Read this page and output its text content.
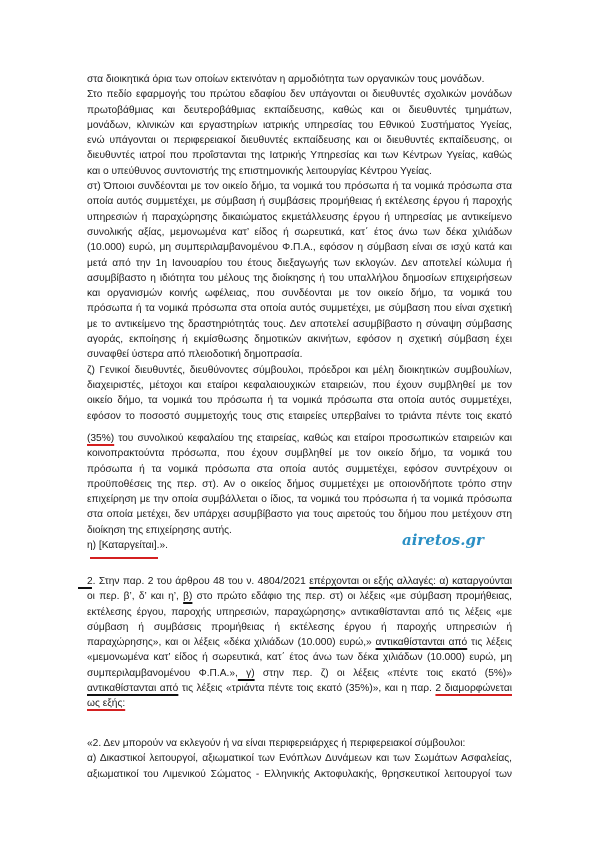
στα διοικητικά όρια των οποίων εκτεινόταν η αρμοδιότητα των οργανικών τους μονάδων.
Στο πεδίο εφαρμογής του πρώτου εδαφίου δεν υπάγονται οι διευθυντές σχολικών μονάδων
πρωτοβάθμιας και δευτεροβάθμιας εκπαίδευσης, καθώς και οι διευθυντές τμημάτων,
μονάδων, κλινικών και εργαστηρίων ιατρικής υπηρεσίας του Εθνικού Συστήματος Υγείας,
ενώ υπάγονται οι περιφερειακοί διευθυντές εκπαίδευσης και οι διευθυντές εκπαίδευσης, οι
διευθυντές ιατροί που προΐστανται της Ιατρικής Υπηρεσίας και των Κέντρων Υγείας, καθώς
και ο υπεύθυνος συντονιστής της επιστημονικής λειτουργίας Κέντρου Υγείας.
στ) Όποιοι συνδέονται με τον οικείο δήμο, τα νομικά του πρόσωπα ή τα νομικά πρόσωπα στα
οποία αυτός συμμετέχει, με σύμβαση ή συμβάσεις προμήθειας ή εκτέλεσης έργου ή παροχής
υπηρεσιών ή παραχώρησης δικαιώματος εκμετάλλευσης έργου ή υπηρεσίας με αντικείμενο
συνολικής αξίας, μεμονωμένα κατ’ είδος ή σωρευτικά, κατ΄ έτος άνω των δέκα χιλιάδων
(10.000) ευρώ, μη συμπεριλαμβανομένου Φ.Π.Α., εφόσον η σύμβαση είναι σε ισχύ κατά και
μετά από την 1η Ιανουαρίου του έτους διεξαγωγής των εκλογών. Δεν αποτελεί κώλυμα ή
ασυμβίβαστο η ιδιότητα του μέλους της διοίκησης ή του υπαλλήλου δημοσίων επιχειρήσεων
και οργανισμών κοινής ωφέλειας, που συνδέονται με τον οικείο δήμο, τα νομικά του
πρόσωπα ή τα νομικά πρόσωπα στα οποία αυτός συμμετέχει, με σύμβαση που είναι σχετική
με το αντικείμενο της δραστηριότητάς τους. Δεν αποτελεί ασυμβίβαστο η σύναψη σύμβασης
αγοράς, εκποίησης ή εκμίσθωσης δημοτικών ακινήτων, εφόσον η σχετική σύμβαση έχει
συναφθεί ύστερα από πλειοδοτική δημοπρασία.
ζ) Γενικοί διευθυντές, διευθύνοντες σύμβουλοι, πρόεδροι και μέλη διοικητικών συμβουλίων,
διαχειριστές, μέτοχοι και εταίροι κεφαλαιουχικών εταιρειών, που έχουν συμβληθεί με τον
οικείο δήμο, τα νομικά του πρόσωπα ή τα νομικά πρόσωπα στα οποία αυτός συμμετέχει,
εφόσον το ποσοστό συμμετοχής τους στις εταιρείες υπερβαίνει το τριάντα πέντε τοις εκατό
(35%) του συνολικού κεφαλαίου της εταιρείας, καθώς και εταίροι προσωπικών εταιρειών και
κοινοπρακτούντα πρόσωπα, που έχουν συμβληθεί με τον οικείο δήμο, τα νομικά του
πρόσωπα ή τα νομικά πρόσωπα στα οποία αυτός συμμετέχει, εφόσον συντρέχουν οι
προϋποθέσεις της περ. στ). Αν ο οικείος δήμος συμμετέχει με οποιονδήποτε τρόπο στην
επιχείρηση με την οποία συμβάλλεται ο ίδιος, τα νομικά του πρόσωπα ή τα νομικά πρόσωπα
στα οποία μετέχει, δεν υπάρχει ασυμβίβαστο για τους αιρετούς του δήμου που μετέχουν στη
διοίκηση της επιχείρησης αυτής.
η) [Καταργείται].».	airetos.gr
2. Στην παρ. 2 του άρθρου 48 του ν. 4804/2021 επέρχονται οι εξής αλλαγές: α) καταργούνται
οι περ. β’, δ’ και η’, β) στο πρώτο εδάφιο της περ. στ) οι λέξεις «με σύμβαση προμήθειας,
εκτέλεσης έργου, παροχής υπηρεσιών, παραχώρησης» αντικαθίστανται από τις λέξεις «με
σύμβαση ή συμβάσεις προμήθειας ή εκτέλεσης έργου ή παροχής υπηρεσιών ή
παραχώρησης», και οι λέξεις «δέκα χιλιάδων (10.000) ευρώ,» αντικαθίστανται από τις λέξεις
«μεμονωμένα κατ’ είδος ή σωρευτικά, κατ΄ έτος άνω των δέκα χιλιάδων (10.000) ευρώ, μη
συμπεριλαμβανομένου Φ.Π.Α.», γ) στην περ. ζ) οι λέξεις «πέντε τοις εκατό (5%)»
αντικαθίστανται από τις λέξεις «τριάντα πέντε τοις εκατό (35%)», και η παρ. 2 διαμορφώνεται
ως εξής:
«2. Δεν μπορούν να εκλεγούν ή να είναι περιφερειάρχες ή περιφερειακοί σύμβουλοι:
α) Δικαστικοί λειτουργοί, αξιωματικοί των Ενόπλων Δυνάμεων και των Σωμάτων Ασφαλείας,
αξιωματικοί του Λιμενικού Σώματος - Ελληνικής Ακτοφυλακής, θρησκευτικοί λειτουργοί των
